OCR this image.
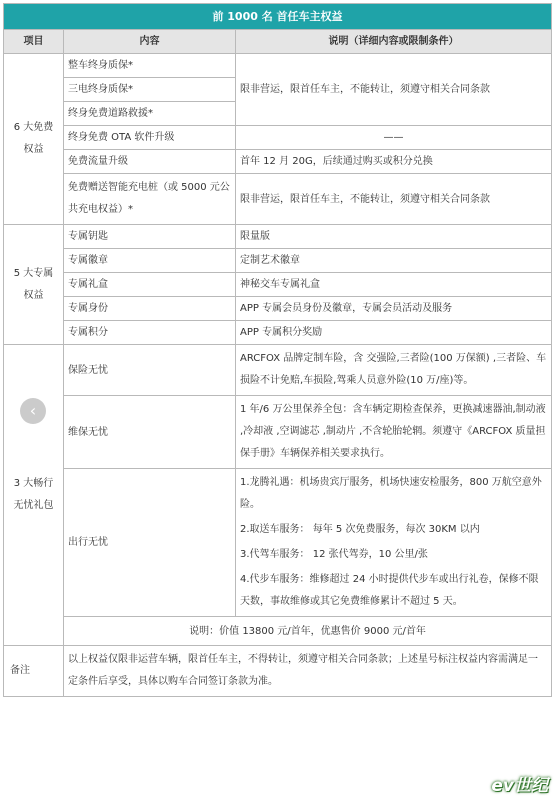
前 1000 名 首任车主权益		
项目	内容	说明（详细内容或限制条件）
6 大免费
权益	整车终身质保*	限非营运，限首任车主，不能转让，须遵守相关合同条款
	三电终身质保*	
	终身免费道路救援*	
	终身免费 OTA 软件升级	——
	免费流量升级	首年 12 月 20G，后续通过购买或积分兑换
	免费赠送智能充电桩（或 5000 元公共充电权益）*	限非营运，限首任车主，不能转让，须遵守相关合同条款
5 大专属
权益	专属钥匙	限量版
	专属徽章	定制艺术徽章
	专属礼盒	神秘交车专属礼盒
	专属身份	APP 专属会员身份及徽章，专属会员活动及服务
	专属积分	APP 专属积分奖励
3 大畅行
无忧礼包	保险无忧	ARCFOX 品牌定制车险，含 交强险,三者险(100 万保额) ,三者险、车损险不计免赔,车损险,驾乘人员意外险(10 万/座)等。
	维保无忧	1 年/6 万公里保养全包：含车辆定期检查保养，更换减速器油,制动液 ,冷却液 ,空调滤芯 ,制动片 ,不含轮胎轮辋。须遵守《ARCFOX 质量担保手册》车辆保养相关要求执行。
	出行无忧	1.龙腾礼遇：机场贵宾厅服务，机场快速安检服务，800 万航空意外险。
2.取送车服务： 每年 5 次免费服务，每次 30KM 以内
3.代驾车服务： 12 张代驾券，10 公里/张
4.代步车服务：维修超过 24 小时提供代步车或出行礼卷，保修不限天数，事故维修或其它免费维修累计不超过 5 天。

	说明：价值 13800 元/首年，优惠售价 9000 元/首年	
备注	以上权益仅限非运营车辆，限首任车主，不得转让，须遵守相关合同条款；上述星号标注权益内容需满足一定条件后享受，具体以购车合同签订条款为准。	
‹
ev世纪
